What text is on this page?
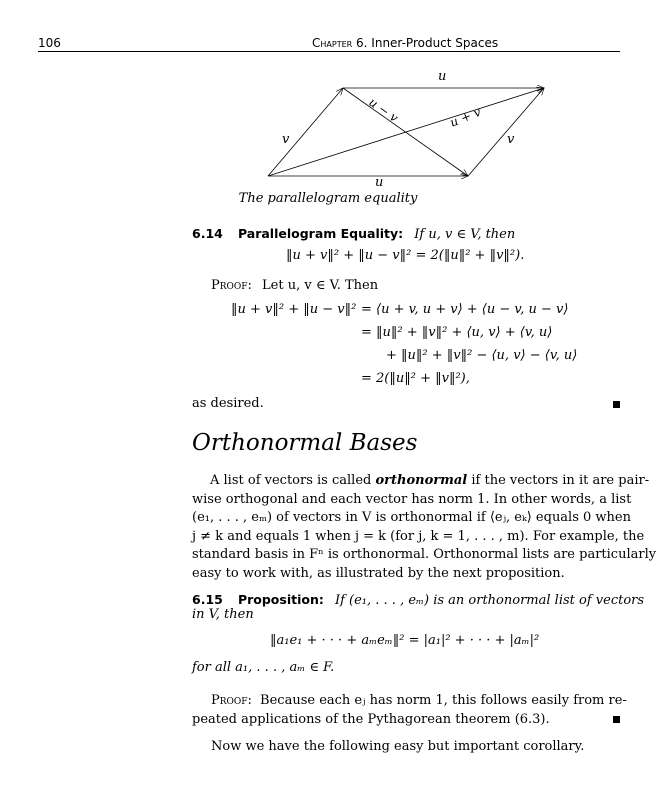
106	Chapter 6. Inner-Product Spaces
u
u
v	v
u − v	u + v
The parallelogram equality
6.14 Parallelogram Equality: If u, v ∈ V, then
‖u + v‖² + ‖u − v‖² = 2(‖u‖² + ‖v‖²).
Proof: Let u, v ∈ V. Then
‖u + v‖² + ‖u − v‖² = ⟨u + v, u + v⟩ + ⟨u − v, u − v⟩
= ‖u‖² + ‖v‖² + ⟨u, v⟩ + ⟨v, u⟩
+ ‖u‖² + ‖v‖² − ⟨u, v⟩ − ⟨v, u⟩
= 2(‖u‖² + ‖v‖²),
as desired.
Orthonormal Bases
A list of vectors is called orthonormal if the vectors in it are pair-
wise orthogonal and each vector has norm 1. In other words, a list
(e₁, . . . , eₘ) of vectors in V is orthonormal if ⟨eⱼ, eₖ⟩ equals 0 when
j ≠ k and equals 1 when j = k (for j, k = 1, . . . , m). For example, the
standard basis in Fⁿ is orthonormal. Orthonormal lists are particularly
easy to work with, as illustrated by the next proposition.
6.15 Proposition: If (e₁, . . . , eₘ) is an orthonormal list of vectors
in V, then
‖a₁e₁ + · · · + aₘeₘ‖² = |a₁|² + · · · + |aₘ|²
for all a₁, . . . , aₘ ∈ F.
Proof: Because each eⱼ has norm 1, this follows easily from re-
peated applications of the Pythagorean theorem (6.3).
Now we have the following easy but important corollary.
